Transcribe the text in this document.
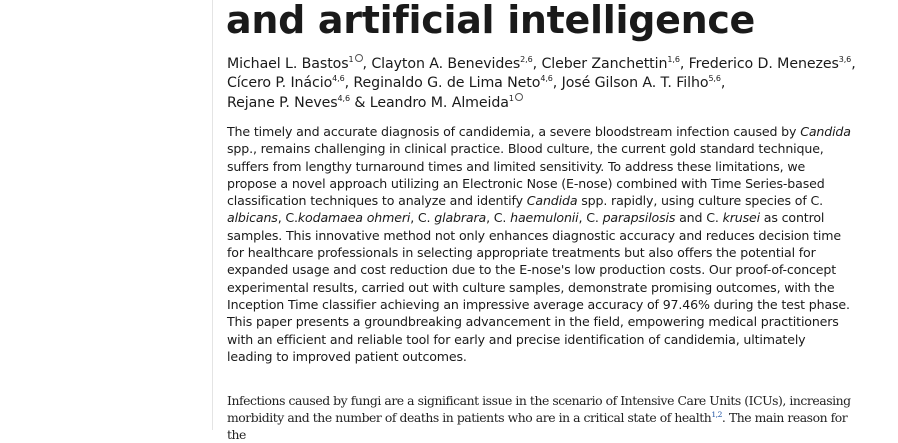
and artificial intelligence
Michael L. Bastos$^1$ , Clayton A. Benevides$^{2,6}$, Cleber Zanchettin$^{1,6}$, Frederico D. Menezes$^{3,6}$,
Cícero P. Inácio$^{4,6}$, Reginaldo G. de Lima Neto$^{4,6}$, José Gilson A. T. Filho$^{5,6}$,
Rejane P. Neves$^{4,6}$ & Leandro M. Almeida$^1$

The timely and accurate diagnosis of candidemia, a severe bloodstream infection caused by Candida spp., remains challenging in clinical practice. Blood culture, the current gold standard technique, suffers from lengthy turnaround times and limited sensitivity. To address these limitations, we propose a novel approach utilizing an Electronic Nose (E-nose) combined with Time Series-based classification techniques to analyze and identify Candida spp. rapidly, using culture species of C. albicans, C.kodamaea ohmeri, C. glabrara, C. haemulonii, C. parapsilosis and C. krusei as control samples. This innovative method not only enhances diagnostic accuracy and reduces decision time for healthcare professionals in selecting appropriate treatments but also offers the potential for expanded usage and cost reduction due to the E-nose's low production costs. Our proof-of-concept experimental results, carried out with culture samples, demonstrate promising outcomes, with the Inception Time classifier achieving an impressive average accuracy of 97.46% during the test phase. This paper presents a groundbreaking advancement in the field, empowering medical practitioners with an efficient and reliable tool for early and precise identification of candidemia, ultimately leading to improved patient outcomes.

Infections caused by fungi are a significant issue in the scenario of Intensive Care Units (ICUs), increasing morbidity and the number of deaths in patients who are in a critical state of health$^{1,2}$. The main reason for the
